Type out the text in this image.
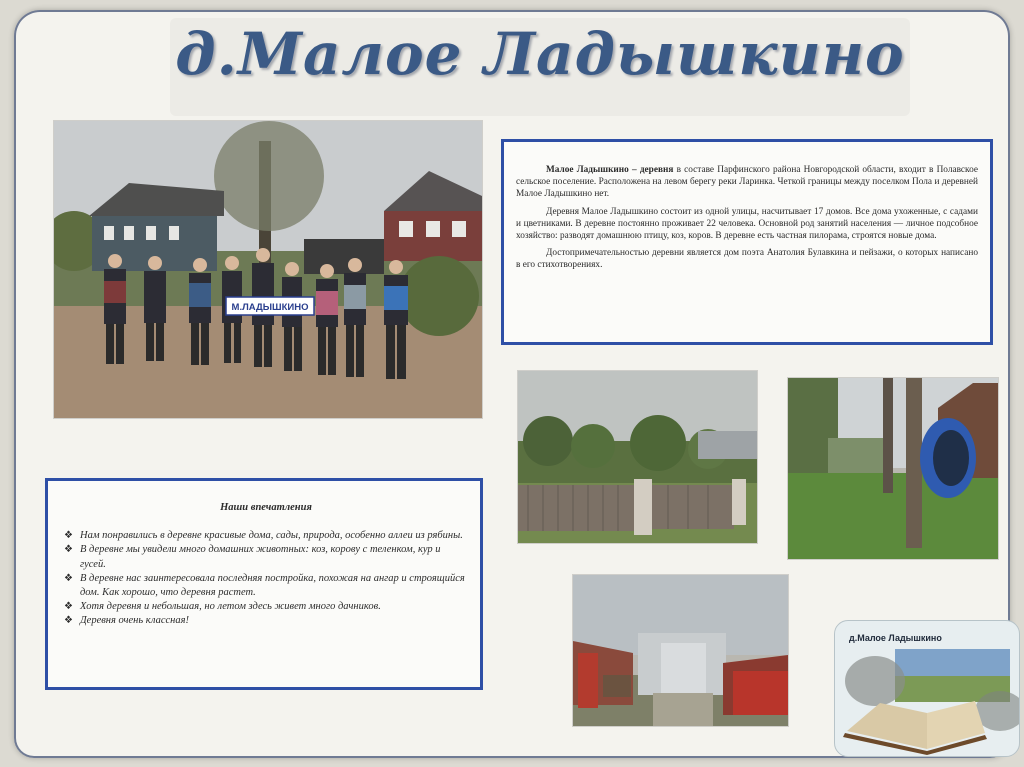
д.Малое Ладышкино
М.ЛАДЫШКИНО

Малое Ладышкино – деревня в составе Парфинского района Новгородской области, входит в Полавское сельское поселение. Расположена на левом берегу реки Ларинка. Четкой границы между поселком Пола и деревней Малое Ладышкино нет.

Деревня Малое Ладышкино состоит из одной улицы, насчитывает 17 домов. Все дома ухоженные, с садами и цветниками. В деревне постоянно проживает 22 человека. Основной род занятий населения — личное подсобное хозяйство: разводят домашнюю птицу, коз, коров. В деревне есть частная пилорама, строятся новые дома.

Достопримечательностью деревни является дом поэта Анатолия Булавкина и пейзажи, о которых написано в его стихотворениях.

Наши впечатления
❖ Нам понравились в деревне красивые дома, сады, природа, особенно аллеи из рябины.
❖ В деревне мы увидели много домашних животных: коз, корову с теленком, кур и гусей.
❖ В деревне нас заинтересовала последняя постройка, похожая на ангар и строящийся дом. Как хорошо, что деревня растет.
❖ Хотя деревня и небольшая, но летом здесь живет много дачников.
❖ Деревня очень классная!
д.Малое Ладышкино
